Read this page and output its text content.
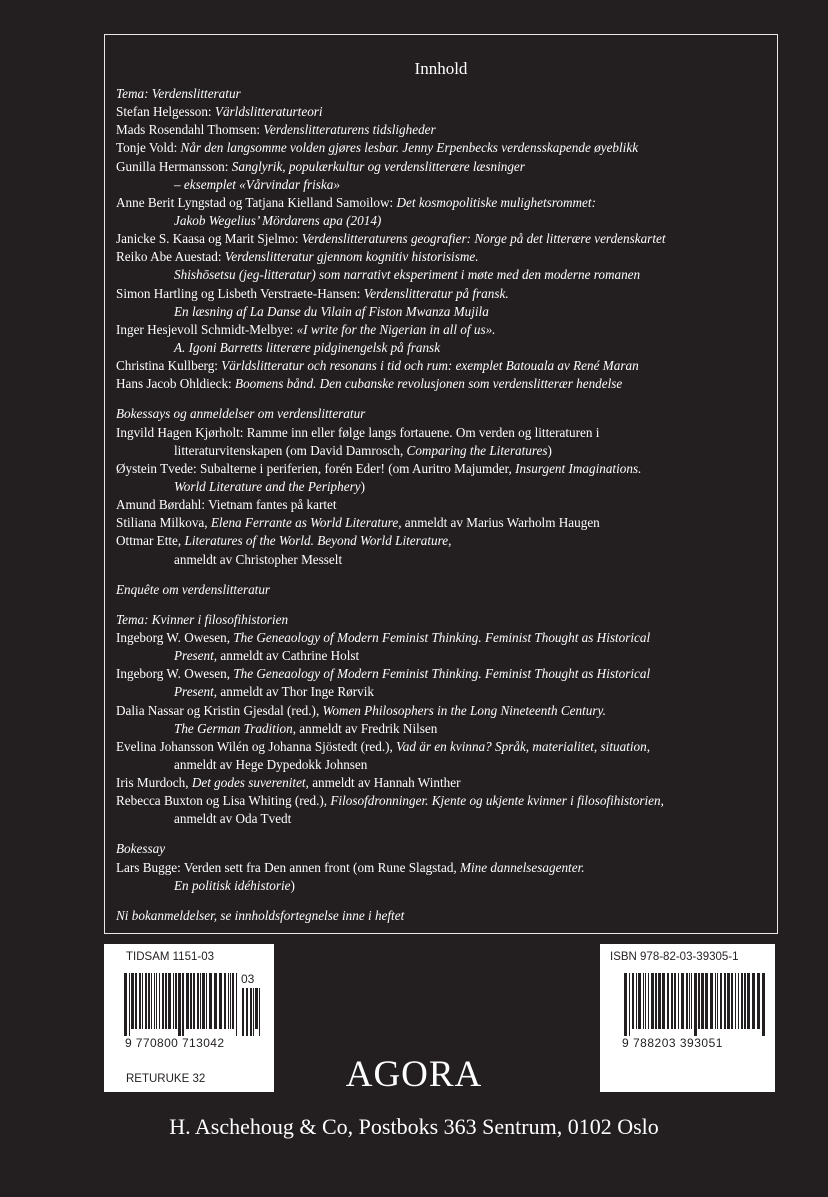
Innhold
Tema: Verdenslitteratur
Stefan Helgesson: Världslitteraturteori
Mads Rosendahl Thomsen: Verdenslitteraturens tidsligheder
Tonje Vold: Når den langsomme volden gjøres lesbar. Jenny Erpenbecks verdensskapende øyeblikk
Gunilla Hermansson: Sanglyrik, populærkultur og verdenslitterære læsninger
– eksemplet «Vårvindar friska»
Anne Berit Lyngstad og Tatjana Kielland Samoilow: Det kosmopolitiske mulighetsrommet:
Jakob Wegelius’ Mördarens apa (2014)
Janicke S. Kaasa og Marit Sjelmo: Verdenslitteraturens geografier: Norge på det litterære verdenskartet
Reiko Abe Auestad: Verdenslitteratur gjennom kognitiv historisisme.
Shishōsetsu (jeg-litteratur) som narrativt eksperiment i møte med den moderne romanen
Simon Hartling og Lisbeth Verstraete-Hansen: Verdenslitteratur på fransk.
En læsning af La Danse du Vilain af Fiston Mwanza Mujila
Inger Hesjevoll Schmidt-Melbye: «I write for the Nigerian in all of us».
A. Igoni Barretts litterære pidginengelsk på fransk
Christina Kullberg: Världslitteratur och resonans i tid och rum: exemplet Batouala av René Maran
Hans Jacob Ohldieck: Boomens bånd. Den cubanske revolusjonen som verdenslitterær hendelse
Bokessays og anmeldelser om verdenslitteratur
Ingvild Hagen Kjørholt: Ramme inn eller følge langs fortauene. Om verden og litteraturen i
litteraturvitenskapen (om David Damrosch, Comparing the Literatures)
Øystein Tvede: Subalterne i periferien, forén Eder! (om Auritro Majumder, Insurgent Imaginations.
World Literature and the Periphery)
Amund Børdahl: Vietnam fantes på kartet
Stiliana Milkova, Elena Ferrante as World Literature, anmeldt av Marius Warholm Haugen
Ottmar Ette, Literatures of the World. Beyond World Literature,
anmeldt av Christopher Messelt
Enquête om verdenslitteratur
Tema: Kvinner i filosofihistorien
Ingeborg W. Owesen, The Geneaology of Modern Feminist Thinking. Feminist Thought as Historical
Present, anmeldt av Cathrine Holst
Ingeborg W. Owesen, The Geneaology of Modern Feminist Thinking. Feminist Thought as Historical
Present, anmeldt av Thor Inge Rørvik
Dalia Nassar og Kristin Gjesdal (red.), Women Philosophers in the Long Nineteenth Century.
The German Tradition, anmeldt av Fredrik Nilsen
Evelina Johansson Wilén og Johanna Sjöstedt (red.), Vad är en kvinna? Språk, materialitet, situation,
anmeldt av Hege Dypedokk Johnsen
Iris Murdoch, Det godes suverenitet, anmeldt av Hannah Winther
Rebecca Buxton og Lisa Whiting (red.), Filosofdronninger. Kjente og ukjente kvinner i filosofihistorien,
anmeldt av Oda Tvedt
Bokessay
Lars Bugge: Verden sett fra Den annen front (om Rune Slagstad, Mine dannelsesagenter.
En politisk idéhistorie)
Ni bokanmeldelser, se innholdsfortegnelse inne i heftet
TIDSAM 1151-03
03
9 770800 713042
RETURUKE 32
ISBN 978-82-03-39305-1
9 788203 393051
AGORA
H. Aschehoug & Co, Postboks 363 Sentrum, 0102 Oslo
